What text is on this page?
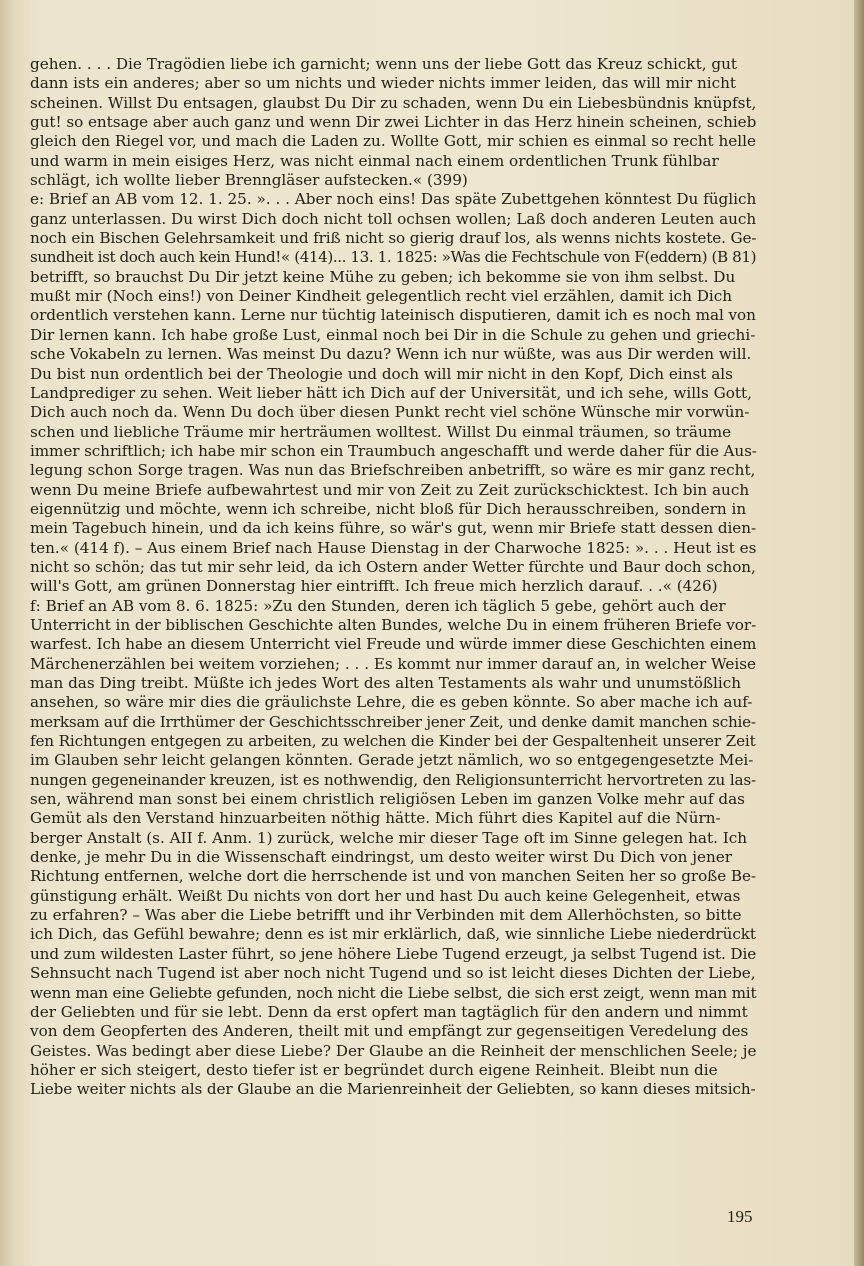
gehen. . . . Die Tragödien liebe ich garnicht; wenn uns der liebe Gott das Kreuz schickt, gut
dann ists ein anderes; aber so um nichts und wieder nichts immer leiden, das will mir nicht
scheinen. Willst Du entsagen, glaubst Du Dir zu schaden, wenn Du ein Liebesbündnis knüpfst,
gut! so entsage aber auch ganz und wenn Dir zwei Lichter in das Herz hinein scheinen, schieb
gleich den Riegel vor, und mach die Laden zu. Wollte Gott, mir schien es einmal so recht helle
und warm in mein eisiges Herz, was nicht einmal nach einem ordentlichen Trunk fühlbar
schlägt, ich wollte lieber Brenngläser aufstecken.« (399)
e: Brief an AB vom 12. 1. 25. ». . . Aber noch eins! Das späte Zubettgehen könntest Du füglich
ganz unterlassen. Du wirst Dich doch nicht toll ochsen wollen; Laß doch anderen Leuten auch
noch ein Bischen Gelehrsamkeit und friß nicht so gierig drauf los, als wenns nichts kostete. Ge-
sundheit ist doch auch kein Hund!« (414)... 13. 1. 1825: »Was die Fechtschule von F(eddern) (B 81)
betrifft, so brauchst Du Dir jetzt keine Mühe zu geben; ich bekomme sie von ihm selbst. Du
mußt mir (Noch eins!) von Deiner Kindheit gelegentlich recht viel erzählen, damit ich Dich
ordentlich verstehen kann. Lerne nur tüchtig lateinisch disputieren, damit ich es noch mal von
Dir lernen kann. Ich habe große Lust, einmal noch bei Dir in die Schule zu gehen und griechi-
sche Vokabeln zu lernen. Was meinst Du dazu? Wenn ich nur wüßte, was aus Dir werden will.
Du bist nun ordentlich bei der Theologie und doch will mir nicht in den Kopf, Dich einst als
Landprediger zu sehen. Weit lieber hätt ich Dich auf der Universität, und ich sehe, wills Gott,
Dich auch noch da. Wenn Du doch über diesen Punkt recht viel schöne Wünsche mir vorwün-
schen und liebliche Träume mir herträumen wolltest. Willst Du einmal träumen, so träume
immer schriftlich; ich habe mir schon ein Traumbuch angeschafft und werde daher für die Aus-
legung schon Sorge tragen. Was nun das Briefschreiben anbetrifft, so wäre es mir ganz recht,
wenn Du meine Briefe aufbewahrtest und mir von Zeit zu Zeit zurückschicktest. Ich bin auch
eigennützig und möchte, wenn ich schreibe, nicht bloß für Dich herausschreiben, sondern in
mein Tagebuch hinein, und da ich keins führe, so wär's gut, wenn mir Briefe statt dessen dien-
ten.« (414 f). – Aus einem Brief nach Hause Dienstag in der Charwoche 1825: ». . . Heut ist es
nicht so schön; das tut mir sehr leid, da ich Ostern ander Wetter fürchte und Baur doch schon,
will's Gott, am grünen Donnerstag hier eintrifft. Ich freue mich herzlich darauf. . .« (426)
f: Brief an AB vom 8. 6. 1825: »Zu den Stunden, deren ich täglich 5 gebe, gehört auch der
Unterricht in der biblischen Geschichte alten Bundes, welche Du in einem früheren Briefe vor-
warfest. Ich habe an diesem Unterricht viel Freude und würde immer diese Geschichten einem
Märchenerzählen bei weitem vorziehen; . . . Es kommt nur immer darauf an, in welcher Weise
man das Ding treibt. Müßte ich jedes Wort des alten Testaments als wahr und unumstößlich
ansehen, so wäre mir dies die gräulichste Lehre, die es geben könnte. So aber mache ich auf-
merksam auf die Irrthümer der Geschichtsschreiber jener Zeit, und denke damit manchen schie-
fen Richtungen entgegen zu arbeiten, zu welchen die Kinder bei der Gespaltenheit unserer Zeit
im Glauben sehr leicht gelangen könnten. Gerade jetzt nämlich, wo so entgegengesetzte Mei-
nungen gegeneinander kreuzen, ist es nothwendig, den Religionsunterricht hervortreten zu las-
sen, während man sonst bei einem christlich religiösen Leben im ganzen Volke mehr auf das
Gemüt als den Verstand hinzuarbeiten nöthig hätte. Mich führt dies Kapitel auf die Nürn-
berger Anstalt (s. AII f. Anm. 1) zurück, welche mir dieser Tage oft im Sinne gelegen hat. Ich
denke, je mehr Du in die Wissenschaft eindringst, um desto weiter wirst Du Dich von jener
Richtung entfernen, welche dort die herrschende ist und von manchen Seiten her so große Be-
günstigung erhält. Weißt Du nichts von dort her und hast Du auch keine Gelegenheit, etwas
zu erfahren? – Was aber die Liebe betrifft und ihr Verbinden mit dem Allerhöchsten, so bitte
ich Dich, das Gefühl bewahre; denn es ist mir erklärlich, daß, wie sinnliche Liebe niederdrückt
und zum wildesten Laster führt, so jene höhere Liebe Tugend erzeugt, ja selbst Tugend ist. Die
Sehnsucht nach Tugend ist aber noch nicht Tugend und so ist leicht dieses Dichten der Liebe,
wenn man eine Geliebte gefunden, noch nicht die Liebe selbst, die sich erst zeigt, wenn man mit
der Geliebten und für sie lebt. Denn da erst opfert man tagtäglich für den andern und nimmt
von dem Geopferten des Anderen, theilt mit und empfängt zur gegenseitigen Veredelung des
Geistes. Was bedingt aber diese Liebe? Der Glaube an die Reinheit der menschlichen Seele; je
höher er sich steigert, desto tiefer ist er begründet durch eigene Reinheit. Bleibt nun die
Liebe weiter nichts als der Glaube an die Marienreinheit der Geliebten, so kann dieses mitsich-
195
